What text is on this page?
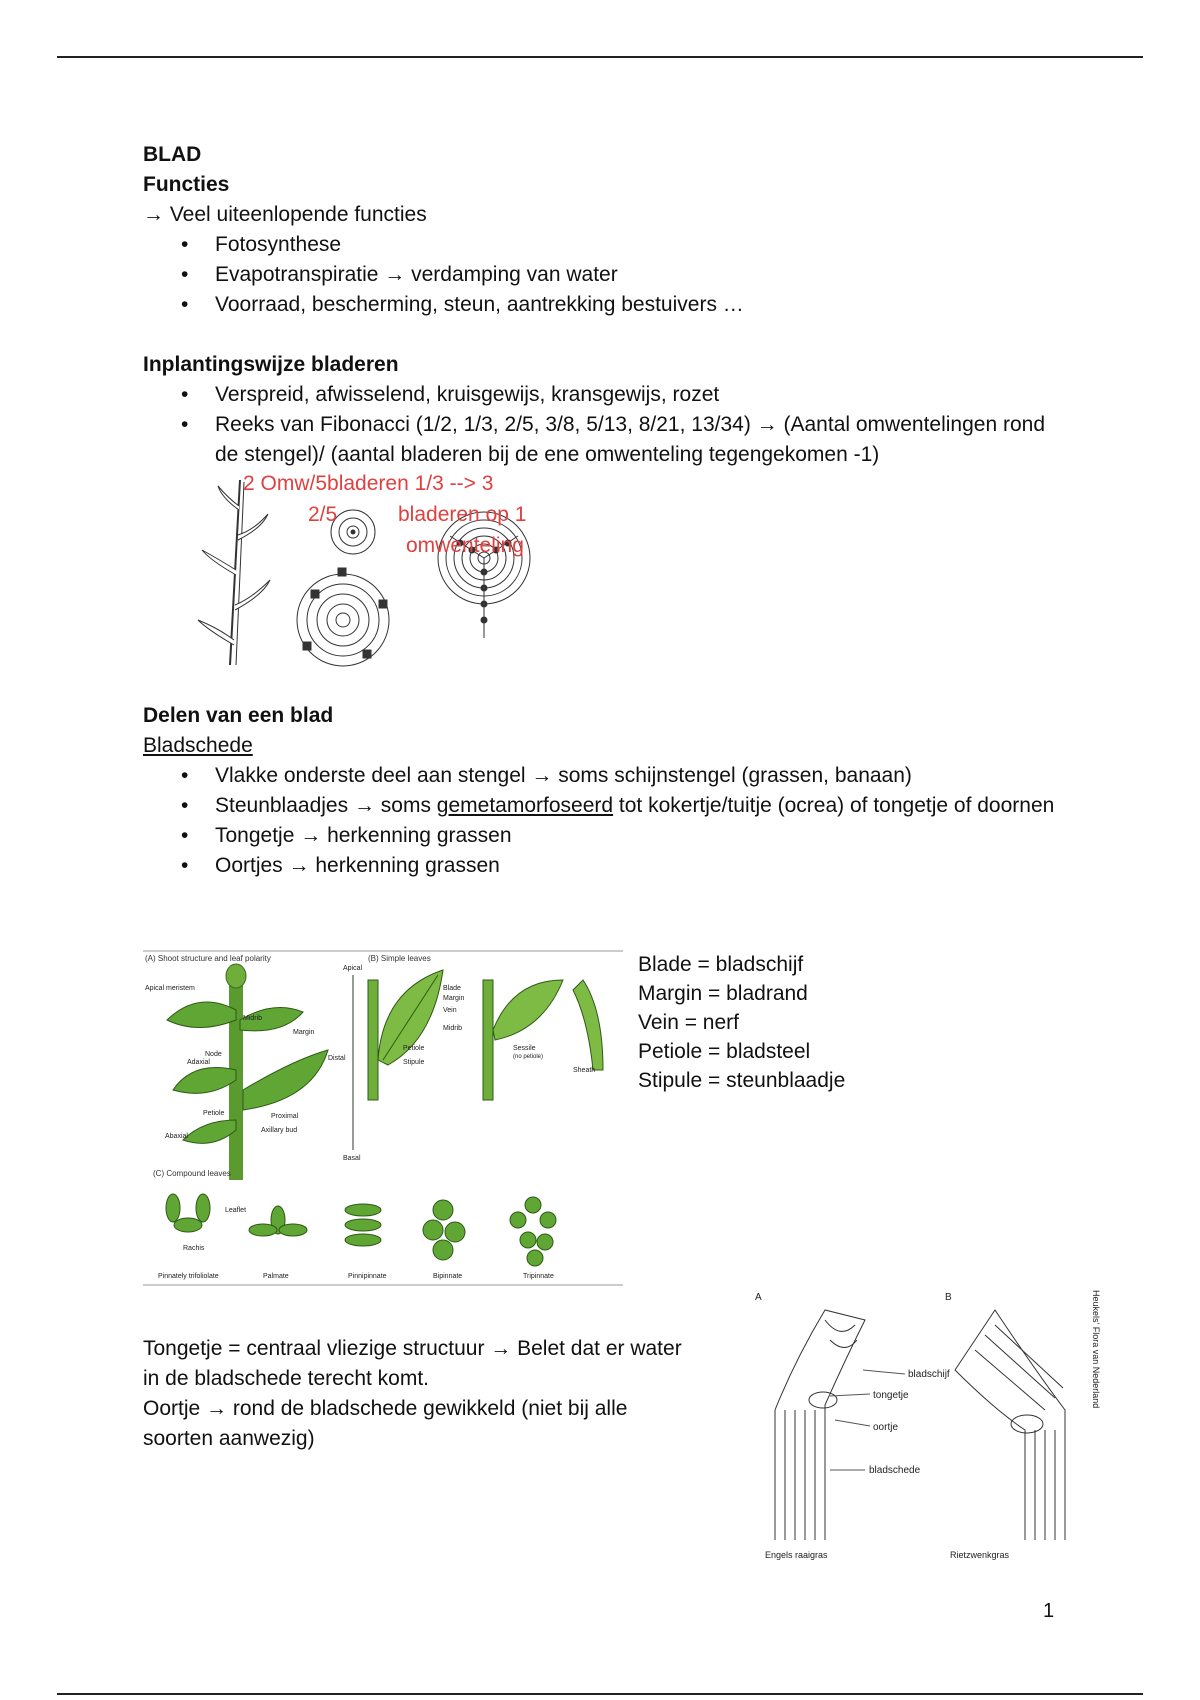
BLAD
Functies
→ Veel uiteenlopende functies
• Fotosynthese
• Evapotranspiratie → verdamping van water
• Voorraad, bescherming, steun, aantrekking bestuivers …
Inplantingswijze bladeren
• Verspreid, afwisselend, kruisgewijs, kransgewijs, rozet
• Reeks van Fibonacci (1/2, 1/3, 2/5, 3/8, 5/13, 8/21, 13/34) → (Aantal omwentelingen rond de stengel)/ (aantal bladeren bij de ene omwenteling tegengekomen -1)
2 Omw/5bladeren 1/3 --> 3
2/5	bladeren op 1
omwenteling
Delen van een blad
Bladschede
• Vlakke onderste deel aan stengel → soms schijnstengel (grassen, banaan)
• Steunblaadjes → soms gemetamorfoseerd tot kokertje/tuitje (ocrea) of tongetje of doornen
• Tongetje → herkenning grassen
• Oortjes → herkenning grassen
(A) Shoot structure and leaf polarity	(B) Simple leaves
Apical meristem
Midrib
Margin
Node
Adaxial
Petiole	Proximal
Axillary bud
Abaxial
Apical
Basal
Distal
Blade
Margin
Vein
Midrib
Petiole
Stipule
Sessile
(no petiole)
Sheath
(C) Compound leaves
Leaflet
Rachis
Pinnately trifoliolate	Palmate	Pinnipinnate	Bipinnate	Tripinnate
Blade = bladschijf
Margin = bladrand
Vein = nerf
Petiole = bladsteel
Stipule = steunblaadje
Tongetje = centraal vliezige structuur → Belet dat er water in de bladschede terecht komt.
Oortje → rond de bladschede gewikkeld (niet bij alle soorten aanwezig)
A	B
bladschijf
tongetje
oortje
bladschede
Engels raaigras	Rietzwenkgras
Heukels' Flora van Nederland
1
